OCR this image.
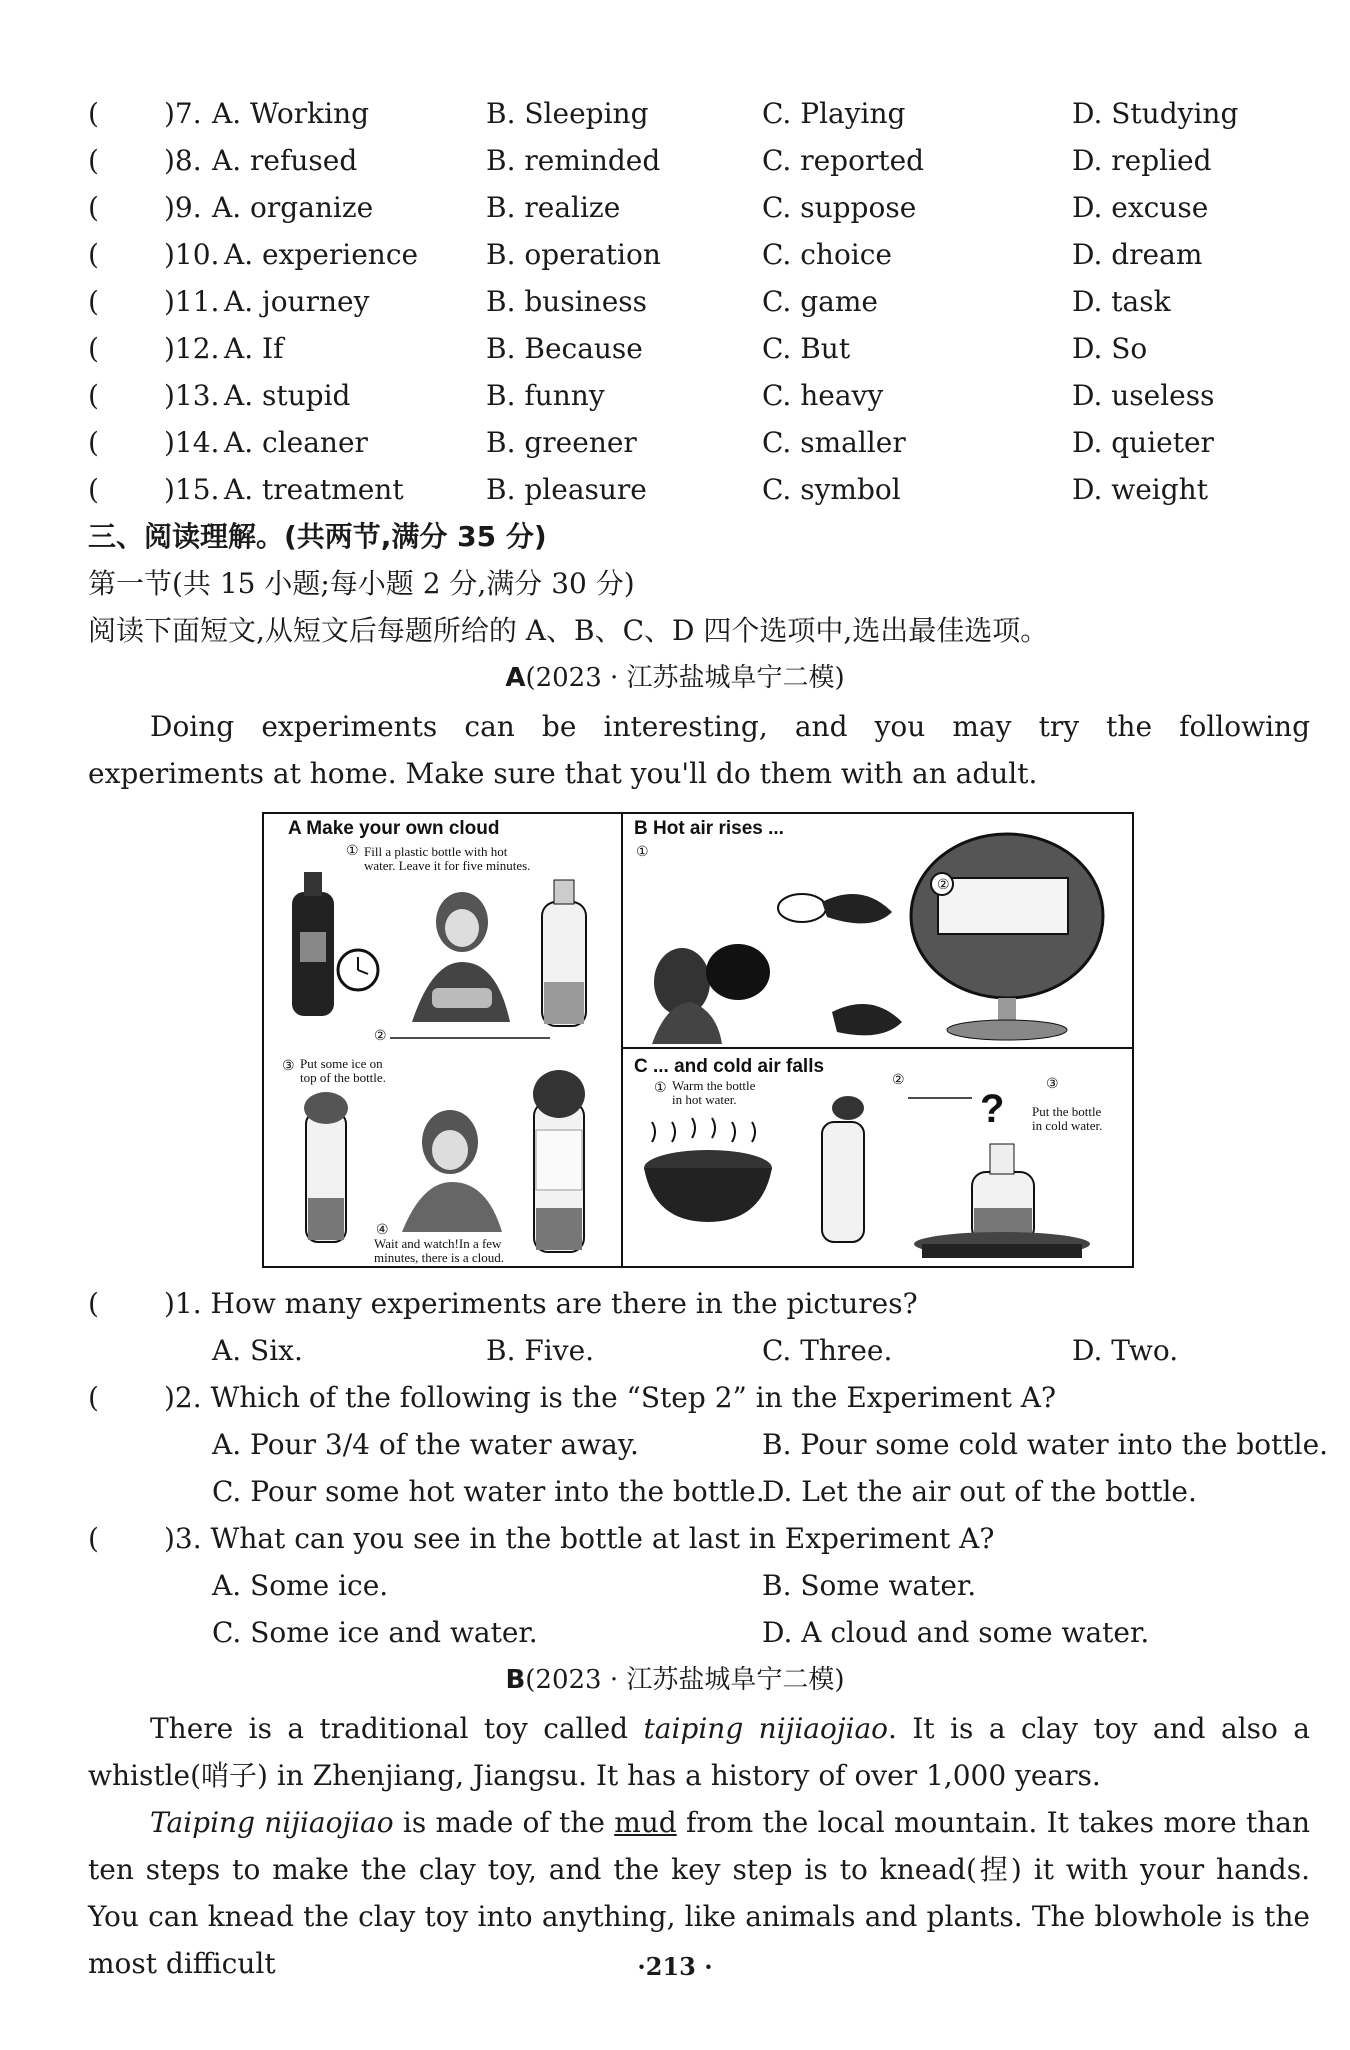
( )7. A. Working	B. Sleeping	C. Playing	D. Studying
( )8. A. refused	B. reminded	C. reported	D. replied
( )9. A. organize	B. realize	C. suppose	D. excuse
( )10. A. experience B. operation	C. choice	D. dream
( )11. A. journey	B. business	C. game	D. task
( )12. A. If	B. Because	C. But	D. So
( )13. A. stupid	B. funny	C. heavy	D. useless
( )14. A. cleaner	B. greener	C. smaller	D. quieter
( )15. A. treatment	B. pleasure	C. symbol	D. weight
三、阅读理解。(共两节,满分 35 分)
第一节(共 15 小题;每小题 2 分,满分 30 分)
阅读下面短文,从短文后每题所给的 A、B、C、D 四个选项中,选出最佳选项。
A(2023 · 江苏盐城阜宁二模)
Doing experiments can be interesting, and you may try the following experiments at home. Make sure that you'll do them with an adult.
A Make your own cloud
① Fill a plastic bottle with hot
water. Leave it for five minutes.
②
③ Put some ice on
top of the bottle.
④
Wait and watch!In a few
minutes, there is a cloud.
B Hot air rises ...
①
②
C ... and cold air falls
① Warm the bottle
in hot water.
②
?
③
Put the bottle
in cold water.
( )1. How many experiments are there in the pictures?
A. Six.	B. Five.	C. Three.	D. Two.
( )2. Which of the following is the “Step 2” in the Experiment A?
A. Pour 3/4 of the water away.	B. Pour some cold water into the bottle.
C. Pour some hot water into the bottle.
D. Let the air out of the bottle.
( )3. What can you see in the bottle at last in Experiment A?
A. Some ice.	B. Some water.
C. Some ice and water.	D. A cloud and some water.
B(2023 · 江苏盐城阜宁二模)
There is a traditional toy called taiping nijiaojiao. It is a clay toy and also a whistle(哨子) in Zhenjiang, Jiangsu. It has a history of over 1,000 years.
Taiping nijiaojiao is made of the mud from the local mountain. It takes more than ten steps to make the clay toy, and the key step is to knead(捏) it with your hands. You can knead the clay toy into anything, like animals and plants. The blowhole is the most difficult	·213 ·
